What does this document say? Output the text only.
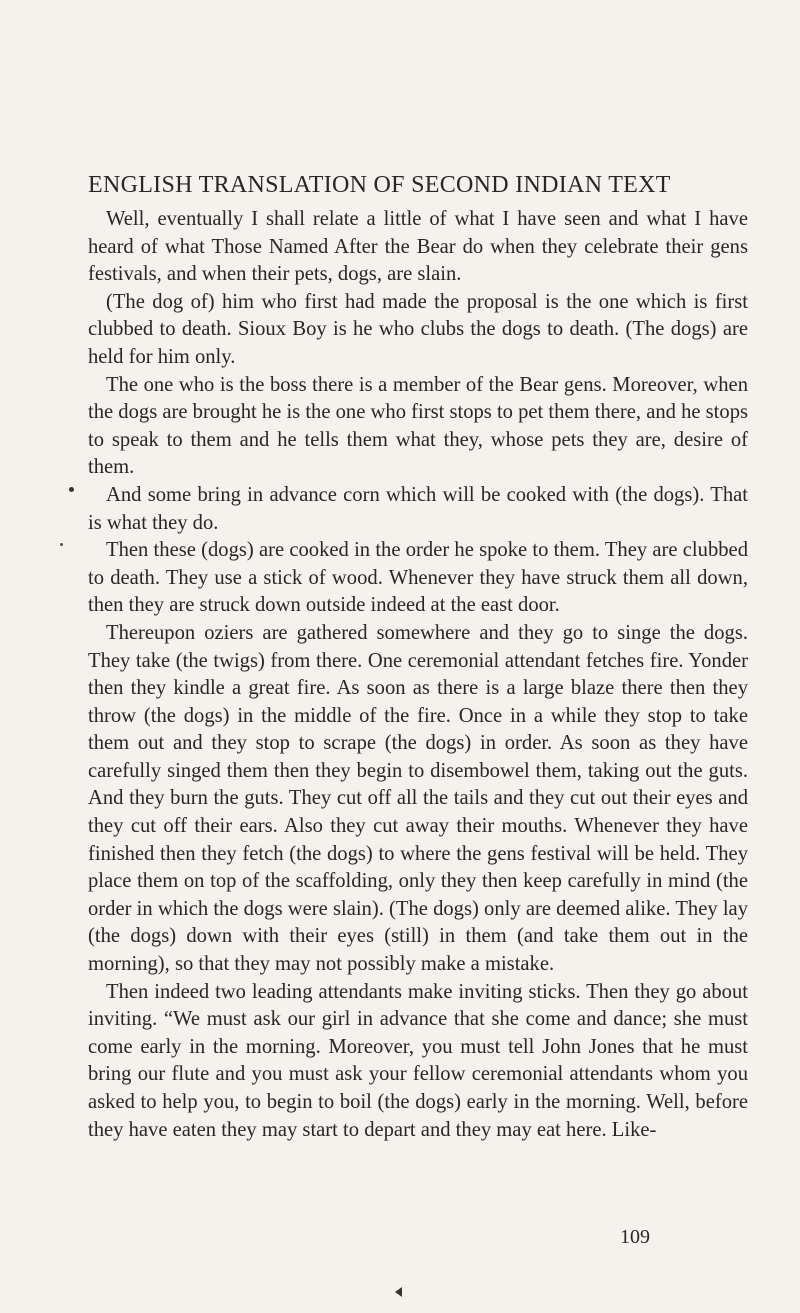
ENGLISH TRANSLATION OF SECOND INDIAN TEXT

Well, eventually I shall relate a little of what I have seen and what I have heard of what Those Named After the Bear do when they celebrate their gens festivals, and when their pets, dogs, are slain.

(The dog of) him who first had made the proposal is the one which is first clubbed to death. Sioux Boy is he who clubs the dogs to death. (The dogs) are held for him only.

The one who is the boss there is a member of the Bear gens. Moreover, when the dogs are brought he is the one who first stops to pet them there, and he stops to speak to them and he tells them what they, whose pets they are, desire of them.

And some bring in advance corn which will be cooked with (the dogs). That is what they do.

Then these (dogs) are cooked in the order he spoke to them. They are clubbed to death. They use a stick of wood. Whenever they have struck them all down, then they are struck down outside indeed at the east door.

Thereupon oziers are gathered somewhere and they go to singe the dogs. They take (the twigs) from there. One ceremonial attendant fetches fire. Yonder then they kindle a great fire. As soon as there is a large blaze there then they throw (the dogs) in the middle of the fire. Once in a while they stop to take them out and they stop to scrape (the dogs) in order. As soon as they have carefully singed them then they begin to disembowel them, taking out the guts. And they burn the guts. They cut off all the tails and they cut out their eyes and they cut off their ears. Also they cut away their mouths. Whenever they have finished then they fetch (the dogs) to where the gens festival will be held. They place them on top of the scaffolding, only they then keep carefully in mind (the order in which the dogs were slain). (The dogs) only are deemed alike. They lay (the dogs) down with their eyes (still) in them (and take them out in the morning), so that they may not possibly make a mistake.

Then indeed two leading attendants make inviting sticks. Then they go about inviting. “We must ask our girl in advance that she come and dance; she must come early in the morning. Moreover, you must tell John Jones that he must bring our flute and you must ask your fellow ceremonial attendants whom you asked to help you, to begin to boil (the dogs) early in the morning. Well, before they have eaten they may start to depart and they may eat here. Like-

109
